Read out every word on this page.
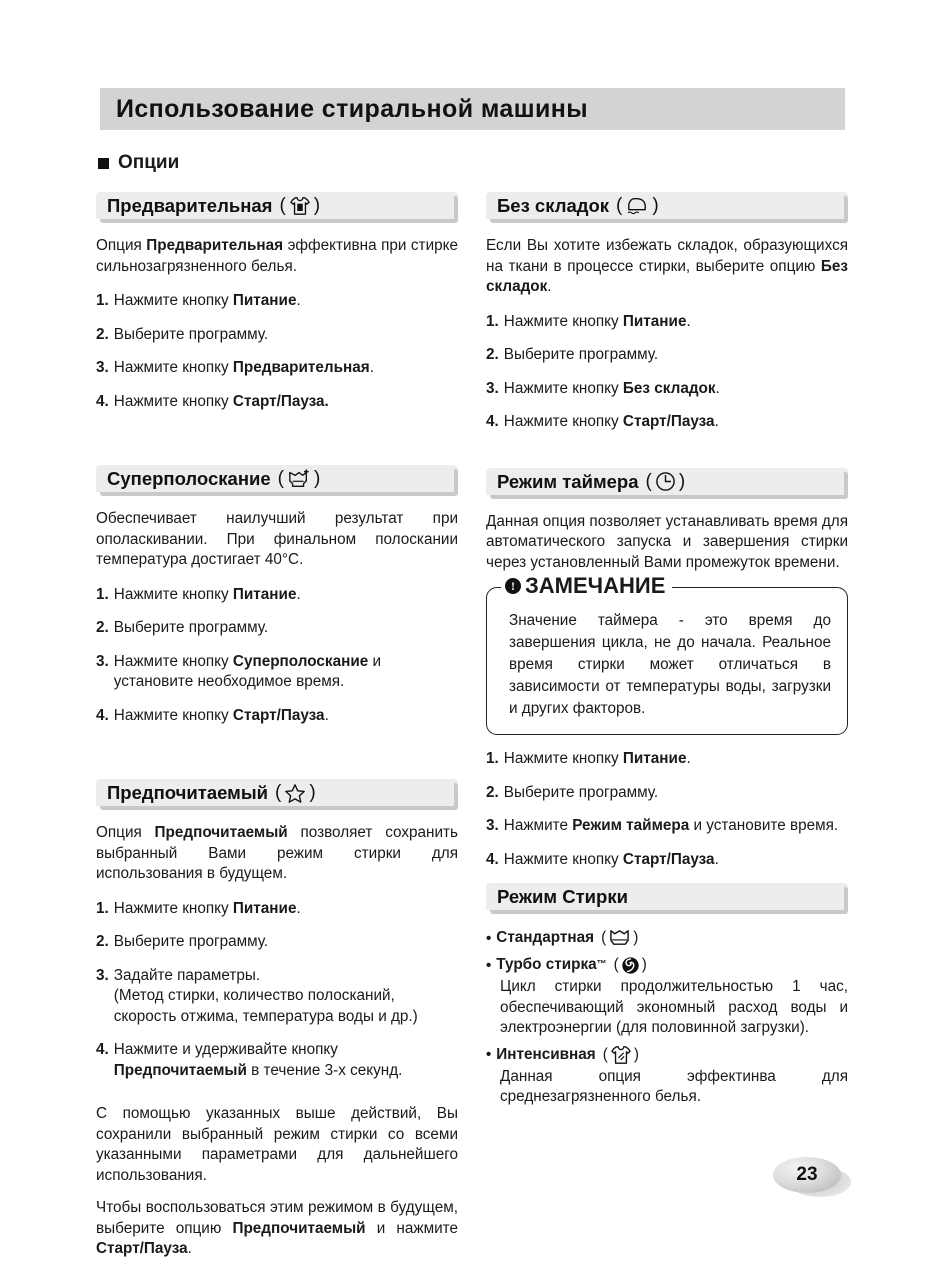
Использование стиральной машины
Опции
Предварительная ( )

Опция Предварительная эффективна при стирке сильнозагрязненного белья.

1. Нажмите кнопку Питание.
2. Выберите программу.
3. Нажмите кнопку Предварительная.
4. Нажмите кнопку Старт/Пауза.
Суперполоскание ( )

Обеспечивает наилучший результат при ополаскивании. При финальном полоскании температура достигает 40°C.

1. Нажмите кнопку Питание.
2. Выберите программу.
3. Нажмите кнопку Суперполоскание и установите необходимое время.
4. Нажмите кнопку Старт/Пауза.
Предпочитаемый ( )

Опция Предпочитаемый позволяет сохранить выбранный Вами режим стирки для использования в будущем.

1. Нажмите кнопку Питание.
2. Выберите программу.
3. Задайте параметры.
(Метод стирки, количество полосканий, скорость отжима, температура воды и др.)
4. Нажмите и удерживайте кнопку Предпочитаемый в течение 3-х секунд.

С помощью указанных выше действий, Вы сохранили выбранный режим стирки со всеми указанными параметрами для дальнейшего использования.

Чтобы воспользоваться этим режимом в будущем, выберите опцию Предпочитаемый и нажмите Старт/Пауза.

Без складок ( )

Если Вы хотите избежать складок, образующихся на ткани в процессе стирки, выберите опцию Без складок.

1. Нажмите кнопку Питание.
2. Выберите программу.
3. Нажмите кнопку Без складок.
4. Нажмите кнопку Старт/Пауза.
Режим таймера ( )

Данная опция позволяет устанавливать время для автоматического запуска и завершения стирки через установленный Вами промежуток времени.

! ЗАМЕЧАНИЕ
Значение таймера - это время до завершения цикла, не до начала. Реальное время стирки может отличаться в зависимости от температуры воды, загрузки и других факторов.
1. Нажмите кнопку Питание.
2. Выберите программу.
3. Нажмите Режим таймера и установите время.
4. Нажмите кнопку Старт/Пауза.
Режим Стирки
• Стандартная ( )
• Турбо стирка ™ ( )
Цикл стирки продолжительностью 1 час, обеспечивающий экономный расход воды и электроэнергии (для половинной загрузки).
• Интенсивная ( )
Данная опция эффектинва для среднезагрязненного белья.
23
